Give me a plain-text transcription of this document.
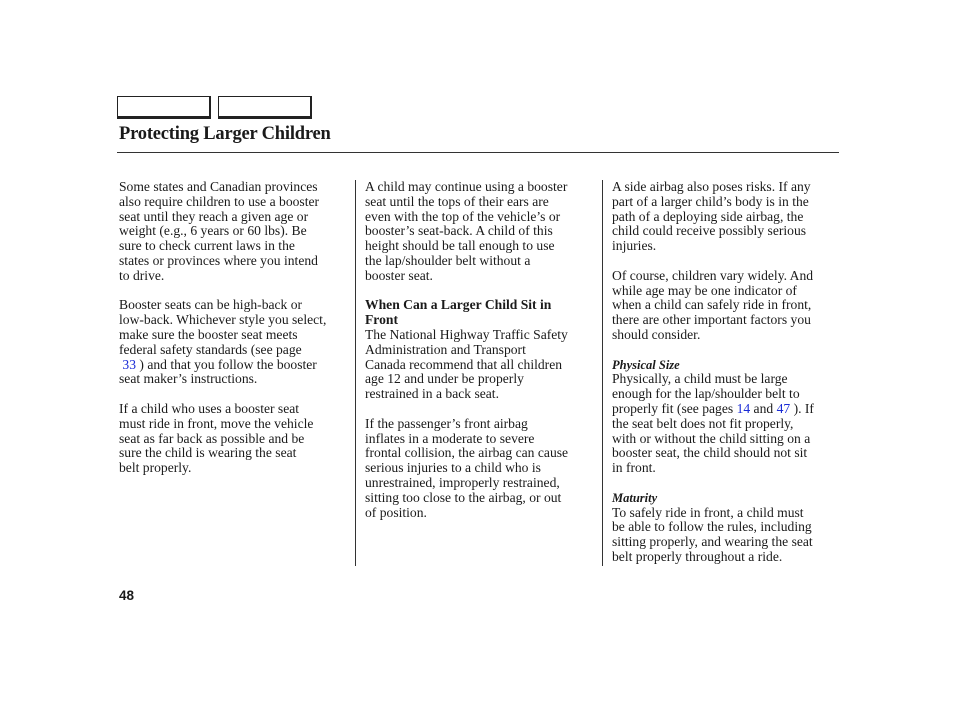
Protecting Larger Children
Some states and Canadian provinces
also require children to use a booster
seat until they reach a given age or
weight (e.g., 6 years or 60 lbs). Be
sure to check current laws in the
states or provinces where you intend
to drive.
Booster seats can be high-back or
low-back. Whichever style you select,
make sure the booster seat meets
federal safety standards (see page
33 ) and that you follow the booster
seat maker’s instructions.
If a child who uses a booster seat
must ride in front, move the vehicle
seat as far back as possible and be
sure the child is wearing the seat
belt properly.
A child may continue using a booster
seat until the tops of their ears are
even with the top of the vehicle’s or
booster’s seat-back. A child of this
height should be tall enough to use
the lap/shoulder belt without a
booster seat.
When Can a Larger Child Sit in
Front
The National Highway Traffic Safety
Administration and Transport
Canada recommend that all children
age 12 and under be properly
restrained in a back seat.
If the passenger’s front airbag
inflates in a moderate to severe
frontal collision, the airbag can cause
serious injuries to a child who is
unrestrained, improperly restrained,
sitting too close to the airbag, or out
of position.
A side airbag also poses risks. If any
part of a larger child’s body is in the
path of a deploying side airbag, the
child could receive possibly serious
injuries.
Of course, children vary widely. And
while age may be one indicator of
when a child can safely ride in front,
there are other important factors you
should consider.
Physical Size
Physically, a child must be large
enough for the lap/shoulder belt to
properly fit (see pages 14 and 47 ). If
the seat belt does not fit properly,
with or without the child sitting on a
booster seat, the child should not sit
in front.
Maturity
To safely ride in front, a child must
be able to follow the rules, including
sitting properly, and wearing the seat
belt properly throughout a ride.
48
